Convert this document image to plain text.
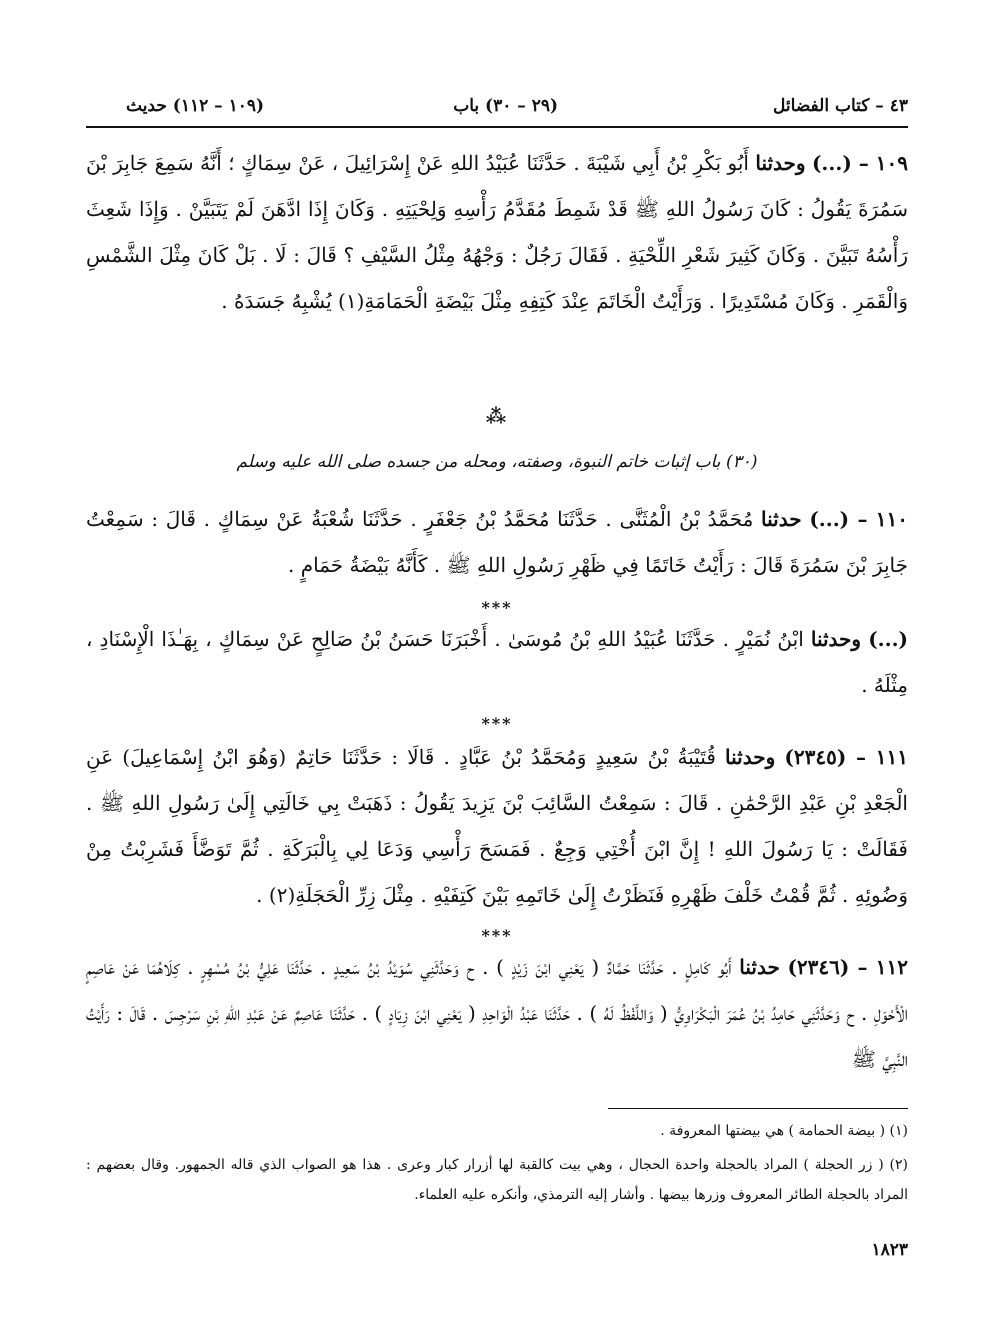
٤٣ – كتاب الفضائل
(٢٩ – ٣٠) باب
(١٠٩ – ١١٢) حديث
١٠٩ – (...) وحدثنا أَبُو بَكْرِ بْنُ أَبِي شَيْبَةَ . حَدَّثَنَا عُبَيْدُ اللهِ عَنْ إِسْرَائِيلَ ، عَنْ سِمَاكٍ ؛ أَنَّهُ سَمِعَ جَابِرَ بْنَ سَمُرَةَ يَقُولُ : كَانَ رَسُولُ اللهِ ﷺ قَدْ شَمِطَ مُقَدَّمُ رَأْسِهِ وَلِحْيَتِهِ . وَكَانَ إِذَا ادَّهَنَ لَمْ يَتَبَيَّنْ . وَإِذَا شَعِثَ رَأْسُهُ تَبَيَّنَ . وَكَانَ كَثِيرَ شَعْرِ اللِّحْيَةِ . فَقَالَ رَجُلٌ : وَجْهُهُ مِثْلُ السَّيْفِ ؟ قَالَ : لَا . بَلْ كَانَ مِثْلَ الشَّمْسِ وَالْقَمَرِ . وَكَانَ مُسْتَدِيرًا . وَرَأَيْتُ الْخَاتَمَ عِنْدَ كَتِفِهِ مِثْلَ بَيْضَةِ الْحَمَامَةِ(١) يُشْبِهُ جَسَدَهُ .
⁂
(٣٠) باب إثبات خاتم النبوة، وصفته، ومحله من جسده صلى الله عليه وسلم
١١٠ – (...) حدثنا مُحَمَّدُ بْنُ الْمُثَنَّى . حَدَّثَنَا مُحَمَّدُ بْنُ جَعْفَرٍ . حَدَّثَنَا شُعْبَةُ عَنْ سِمَاكٍ . قَالَ : سَمِعْتُ جَابِرَ بْنَ سَمُرَةَ قَالَ : رَأَيْتُ خَاتَمًا فِي ظَهْرِ رَسُولِ اللهِ ﷺ . كَأَنَّهُ بَيْضَةُ حَمَامٍ .
***
(...) وحدثنا ابْنُ نُمَيْرٍ . حَدَّثَنَا عُبَيْدُ اللهِ بْنُ مُوسَىٰ . أَخْبَرَنَا حَسَنُ بْنُ صَالِحٍ عَنْ سِمَاكٍ ، بِهَـٰذَا الْإِسْنَادِ ، مِثْلَهُ .
***
١١١ – (٢٣٤٥) وحدثنا قُتَيْبَةُ بْنُ سَعِيدٍ وَمُحَمَّدُ بْنُ عَبَّادٍ . قَالَا : حَدَّثَنَا حَاتِمٌ (وَهُوَ ابْنُ إِسْمَاعِيلَ) عَنِ الْجَعْدِ بْنِ عَبْدِ الرَّحْمَٰنِ . قَالَ : سَمِعْتُ السَّائِبَ بْنَ يَزِيدَ يَقُولُ : ذَهَبَتْ بِي خَالَتِي إِلَىٰ رَسُولِ اللهِ ﷺ . فَقَالَتْ : يَا رَسُولَ اللهِ ! إِنَّ ابْنَ أُخْتِي وَجِعٌ . فَمَسَحَ رَأْسِي وَدَعَا لِي بِالْبَرَكَةِ . ثُمَّ تَوَضَّأَ فَشَرِبْتُ مِنْ وَضُوئِهِ . ثُمَّ قُمْتُ خَلْفَ ظَهْرِهِ فَنَظَرْتُ إِلَىٰ خَاتَمِهِ بَيْنَ كَتِفَيْهِ . مِثْلَ زِرِّ الْحَجَلَةِ(٢) .
***
١١٢ – (٢٣٤٦) حدثنا أَبُو كَامِلٍ . حَدَّثَنَا حَمَّادٌ ( يَعْنِي ابْنَ زَيْدٍ ) . ح وَحَدَّثَنِي سُوَيْدُ بْنُ سَعِيدٍ . حَدَّثَنَا عَلِيُّ بْنُ مُسْهِرٍ . كِلَاهُمَا عَنْ عَاصِمٍ الْأَحْوَلِ . ح وَحَدَّثَنِي حَامِدُ بْنُ عُمَرَ الْبَكْرَاوِيُّ ( وَاللَّفْظُ لَهُ ) . حَدَّثَنَا عَبْدُ الْوَاحِدِ ( يَعْنِي ابْنَ زِيَادٍ ) . حَدَّثَنَا عَاصِمٌ عَنْ عَبْدِ اللهِ بْنِ سَرْجِسَ . قَالَ : رَأَيْتُ النَّبِيَّ ﷺ
(١) ( بيضة الحمامة ) هي بيضتها المعروفة .
(٢) ( زر الحجلة ) المراد بالحجلة واحدة الحجال ، وهي بيت كالقبة لها أزرار كبار وعرى . هذا هو الصواب الذي قاله الجمهور. وقال بعضهم : المراد بالحجلة الطائر المعروف وزرها بيضها . وأشار إليه الترمذي، وأنكره عليه العلماء.
١٨٢٣
